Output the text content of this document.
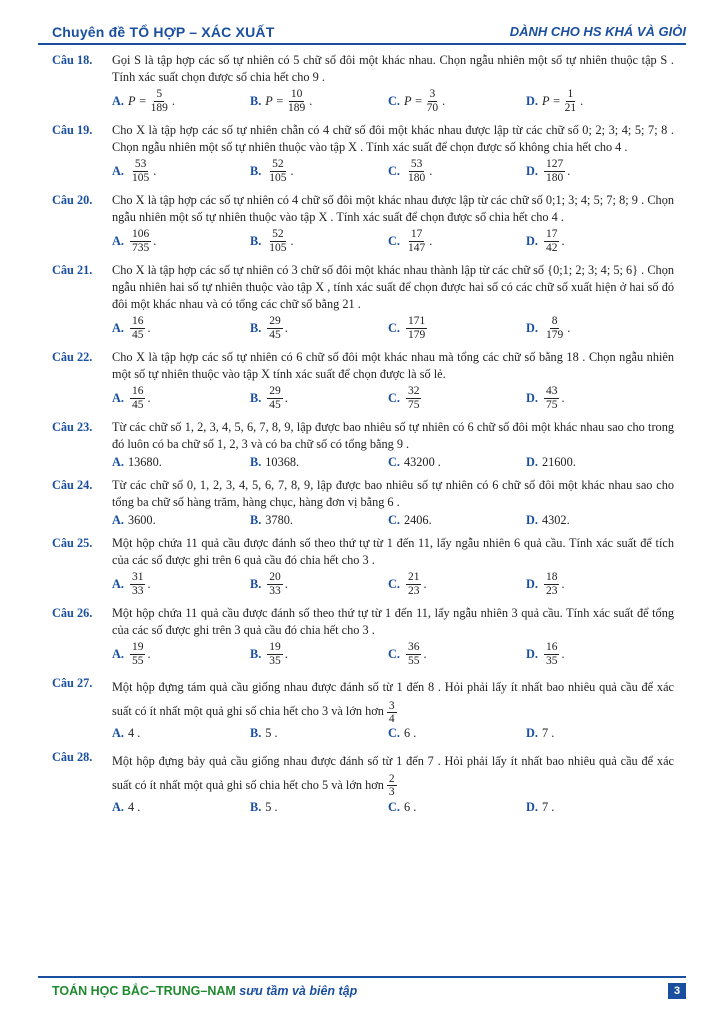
Chuyên đề TỔ HỢP – XÁC XUẤT	DÀNH CHO HS KHÁ VÀ GIỎI
Câu 18.	Gọi S là tập hợp các số tự nhiên có 5 chữ số đôi một khác nhau. Chọn ngẫu nhiên một số tự nhiên thuộc tập S . Tính xác suất chọn được số chia hết cho 9 .
A. $P = \frac{5}{189}$ .	B. $P = \frac{10}{189}$ .	C. $P = \frac{3}{70}$ .	D. $P = \frac{1}{21}$ .
Câu 19.	Cho X là tập hợp các số tự nhiên chẵn có 4 chữ số đôi một khác nhau được lập từ các chữ số 0; 2; 3; 4; 5; 7; 8 . Chọn ngẫu nhiên một số tự nhiên thuộc vào tập X . Tính xác suất để chọn được số không chia hết cho 4 .
A. $\frac{53}{105}$ .	B. $\frac{52}{105}$ .	C. $\frac{53}{180}$ .	D. $\frac{127}{180}$ .
Câu 20.	Cho X là tập hợp các số tự nhiên có 4 chữ số đôi một khác nhau được lập từ các chữ số 0;1; 3; 4; 5; 7; 8; 9 . Chọn ngẫu nhiên một số tự nhiên thuộc vào tập X . Tính xác suất để chọn được số chia hết cho 4 .
A. $\frac{106}{735}$ .	B. $\frac{52}{105}$ .	C. $\frac{17}{147}$ .	D. $\frac{17}{42}$ .
Câu 21.	Cho X là tập hợp các số tự nhiên có 3 chữ số đôi một khác nhau thành lập từ các chữ số {0;1; 2; 3; 4; 5; 6} . Chọn ngẫu nhiên hai số tự nhiên thuộc vào tập X , tính xác suất để chọn được hai số có các chữ số xuất hiện ở hai số đó đôi một khác nhau và có tổng các chữ số bằng 21 .
A. $\frac{16}{45}$ .	B. $\frac{29}{45}$ .	C. $\frac{171}{179}$	D. $\frac{8}{179}$ .
Câu 22.	Cho X là tập hợp các số tự nhiên có 6 chữ số đôi một khác nhau mà tổng các chữ số bằng 18 . Chọn ngẫu nhiên một số tự nhiên thuộc vào tập X tính xác suất để chọn được là số lẻ.
A. $\frac{16}{45}$ .	B. $\frac{29}{45}$ .	C. $\frac{32}{75}$	D. $\frac{43}{75}$ .
Câu 23.	Từ các chữ số 1, 2, 3, 4, 5, 6, 7, 8, 9, lập được bao nhiêu số tự nhiên có 6 chữ số đôi một khác nhau sao cho trong đó luôn có ba chữ số 1, 2, 3 và có ba chữ số có tổng bằng 9 .
A. 13680.	B. 10368.	C. 43200 .	D. 21600.
Câu 24.	Từ các chữ số 0, 1, 2, 3, 4, 5, 6, 7, 8, 9, lập được bao nhiêu số tự nhiên có 6 chữ số đôi một khác nhau sao cho tổng ba chữ số hàng trăm, hàng chục, hàng đơn vị bằng 6 .
A. 3600.	B. 3780.	C. 2406.	D. 4302.
Câu 25.	Một hộp chứa 11 quả cầu được đánh số theo thứ tự từ 1 đến 11, lấy ngẫu nhiên 6 quả cầu. Tính xác suất để tích của các số được ghi trên 6 quả cầu đó chia hết cho 3 .
A. $\frac{31}{33}$ .	B. $\frac{20}{33}$ .	C. $\frac{21}{23}$ .	D. $\frac{18}{23}$ .
Câu 26.	Một hộp chứa 11 quả cầu được đánh số theo thứ tự từ 1 đến 11, lấy ngẫu nhiên 3 quả cầu. Tính xác suất để tổng của các số được ghi trên 3 quả cầu đó chia hết cho 3 .
A. $\frac{19}{55}$ .	B. $\frac{19}{35}$ .	C. $\frac{36}{55}$ .	D. $\frac{16}{35}$ .
Câu 27.	Một hộp đựng tám quả cầu giống nhau được đánh số từ 1 đến 8 . Hỏi phải lấy ít nhất bao nhiêu quả cầu để xác suất có ít nhất một quả ghi số chia hết cho 3 và lớn hơn $\frac{3}{4}$
A. 4 .	B. 5 .	C. 6 .	D. 7 .
Câu 28.	Một hộp đựng bảy quả cầu giống nhau được đánh số từ 1 đến 7 . Hỏi phải lấy ít nhất bao nhiêu quả cầu để xác suất có ít nhất một quả ghi số chia hết cho 5 và lớn hơn $\frac{2}{3}$
A. 4 .	B. 5 .	C. 6 .	D. 7 .
TOÁN HỌC BẮC–TRUNG–NAM sưu tầm và biên tập	3
